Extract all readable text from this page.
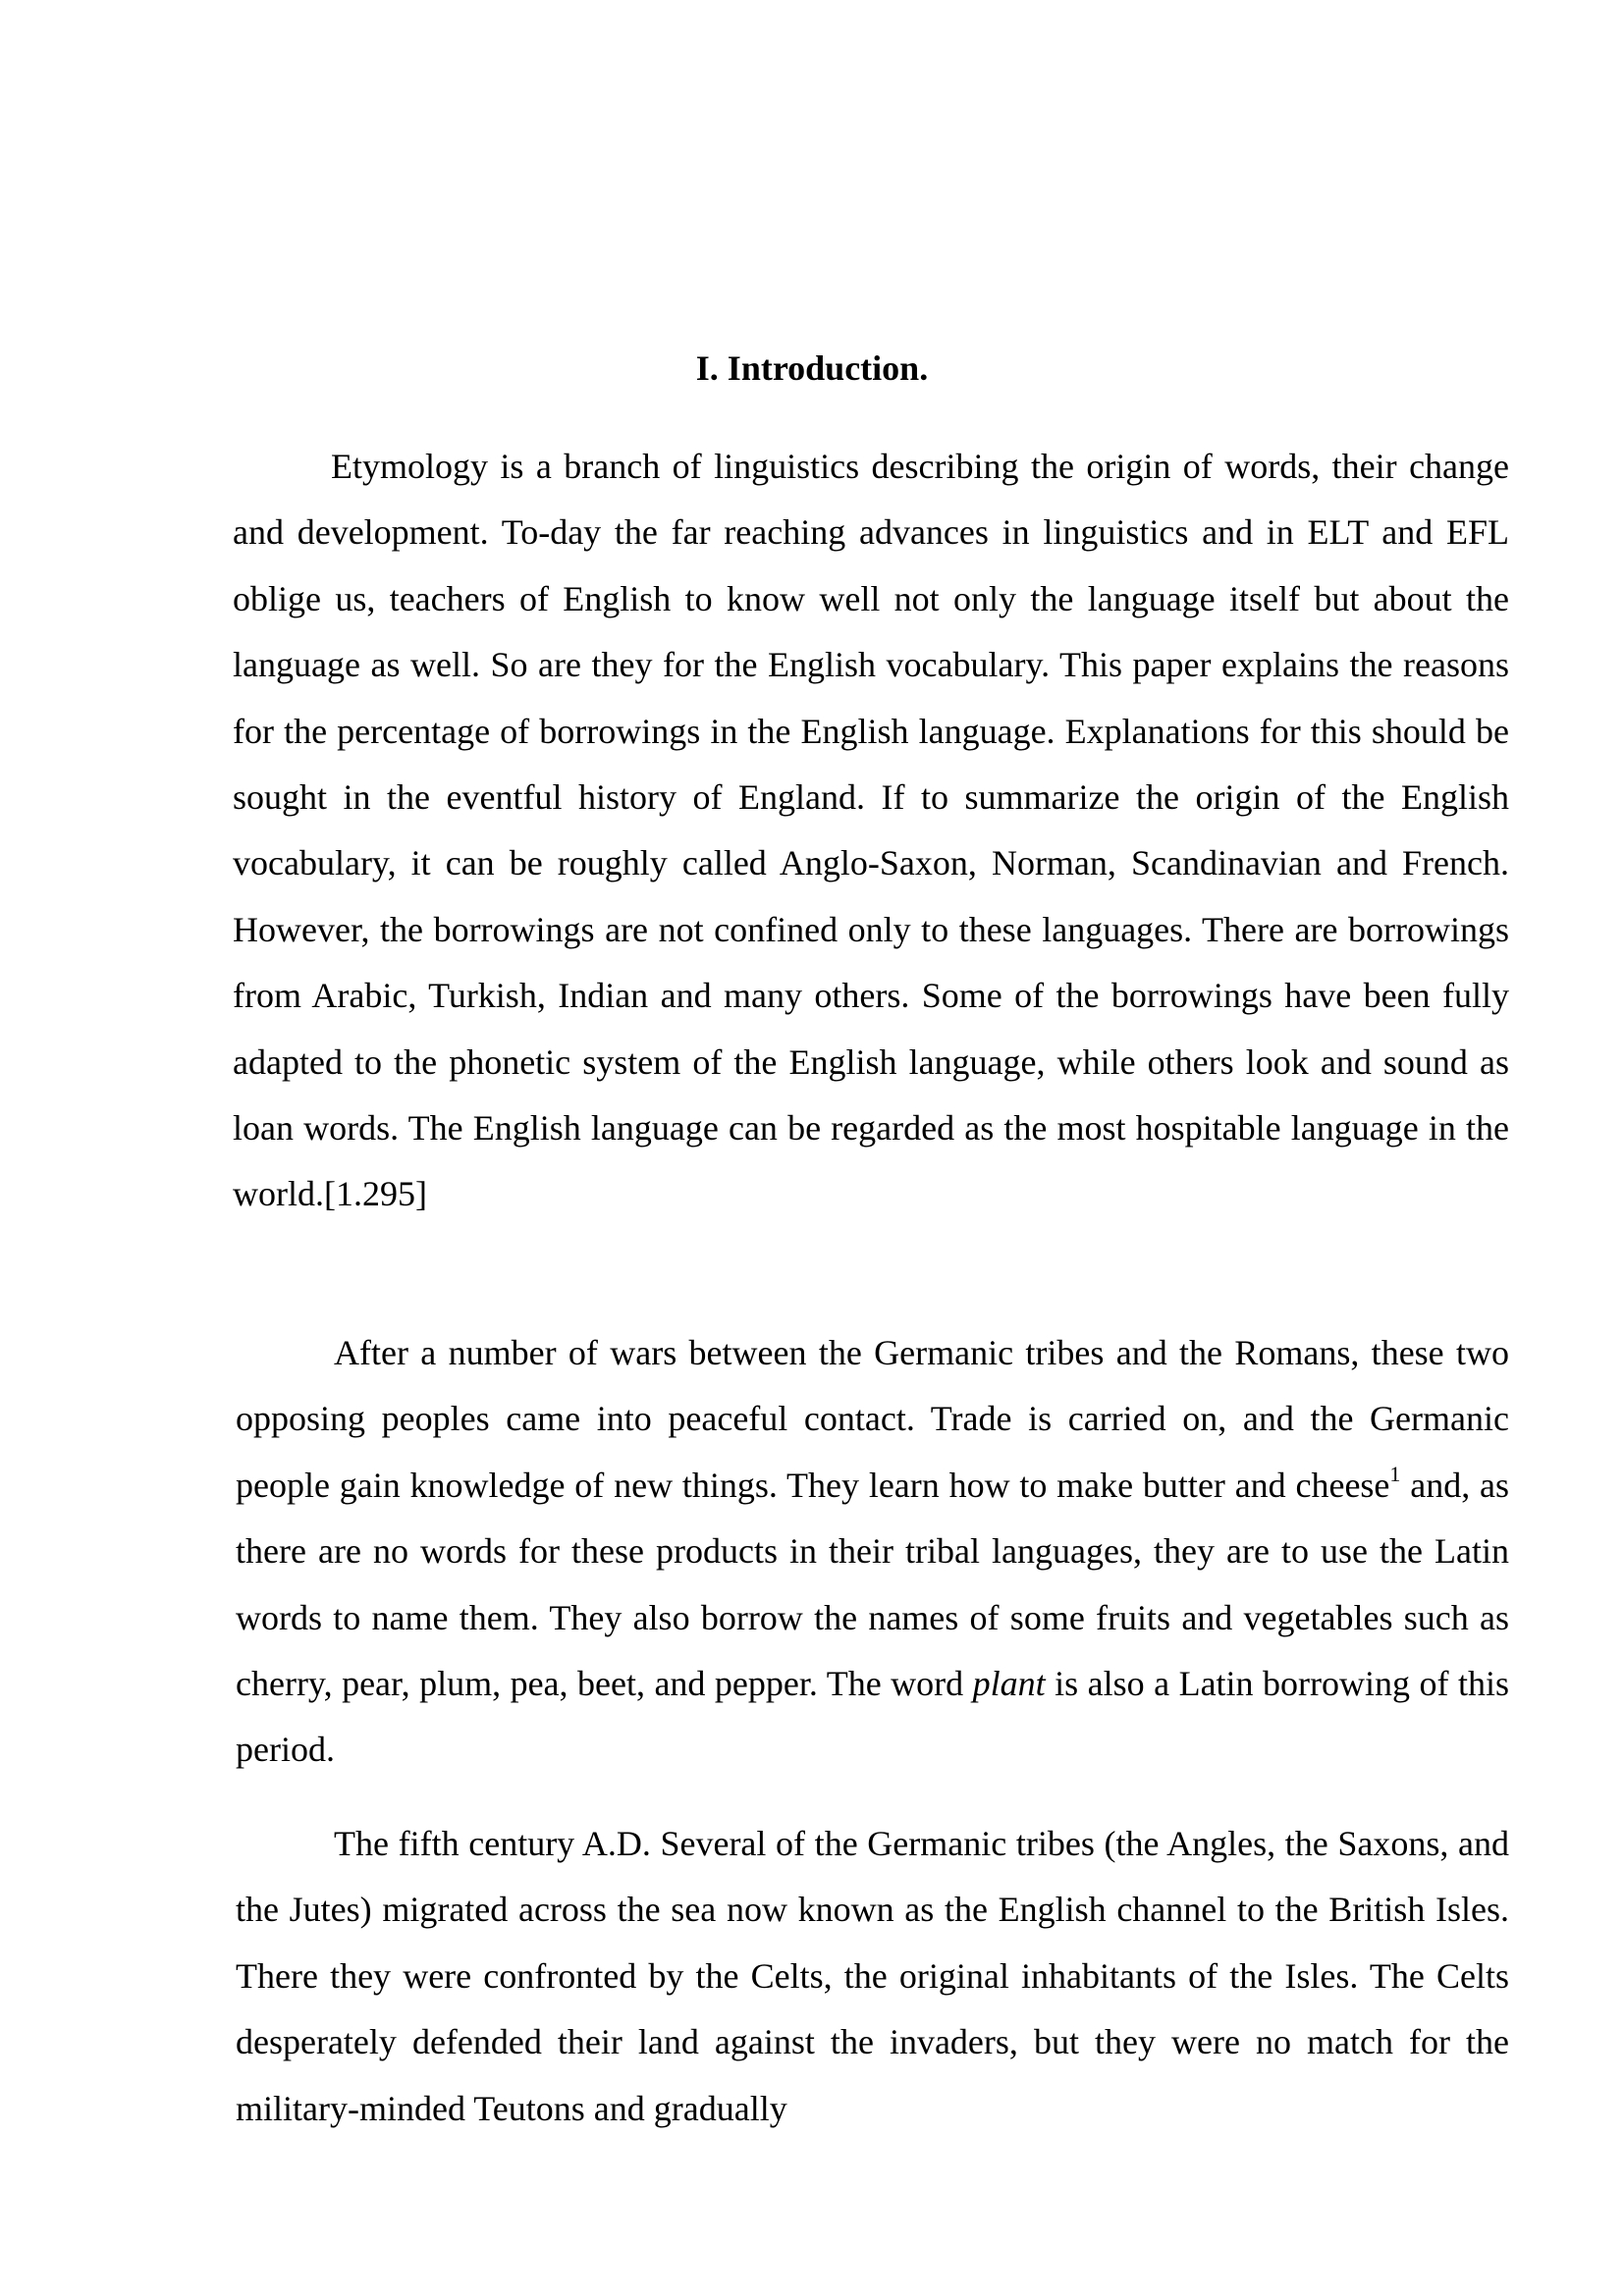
I. Introduction.

Etymology is a branch of linguistics describing the origin of words, their change and development. To-day the far reaching advances in linguistics and in ELT and EFL oblige us, teachers of English to know well not only the language itself but about the language as well. So are they for the English vocabulary. This paper explains the reasons for the percentage of borrowings in the English language. Explanations for this should be sought in the eventful history of England. If to summarize the origin of the English vocabulary, it can be roughly called Anglo-Saxon, Norman, Scandinavian and French. However, the borrowings are not confined only to these languages. There are borrowings from Arabic, Turkish, Indian and many others. Some of the borrowings have been fully adapted to the phonetic system of the English language, while others look and sound as loan words. The English language can be regarded as the most hospitable language in the world.[1.295]

After a number of wars between the Germanic tribes and the Romans, these two opposing peoples came into peaceful contact. Trade is carried on, and the Germanic people gain knowledge of new things. They learn how to make butter and cheese$^1$ and, as there are no words for these products in their tribal languages, they are to use the Latin words to name them. They also borrow the names of some fruits and vegetables such as cherry, pear, plum, pea, beet, and pepper. The word plant is also a Latin borrowing of this period.

The fifth century A.D. Several of the Germanic tribes (the Angles, the Saxons, and the Jutes) migrated across the sea now known as the English channel to the British Isles. There they were confronted by the Celts, the original inhabitants of the Isles. The Celts desperately defended their land against the invaders, but they were no match for the military-minded Teutons and gradually
